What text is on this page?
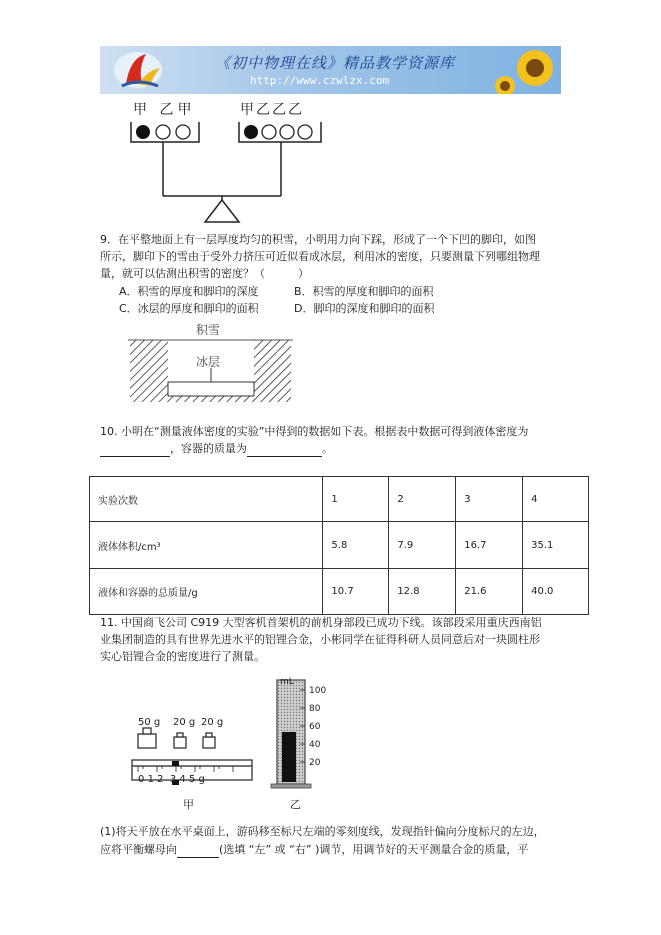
《初中物理在线》精品教学资源库
http://www.czwlzx.com
甲 乙甲	甲乙乙乙
9．在平整地面上有一层厚度均匀的积雪，小明用力向下踩，形成了一个下凹的脚印，如图
所示，脚印下的雪由于受外力挤压可近似看成冰层，利用冰的密度，只要测量下列哪组物理
量，就可以估测出积雪的密度？（　　　）
A．积雪的厚度和脚印的深度	B．积雪的厚度和脚印的面积
C．冰层的厚度和脚印的面积	D．脚印的深度和脚印的面积
积雪
冰层
10. 小明在“测量液体密度的实验”中得到的数据如下表。根据表中数据可得到液体密度为
，容器的质量为	。
实验次数	1	2	3	4
液体体积/cm³	5.8	7.9	16.7	35.1
液体和容器的总质量/g	10.7	12.8	21.6	40.0
11. 中国商飞公司 C919 大型客机首架机的前机身部段已成功下线。该部段采用重庆西南铝
业集团制造的具有世界先进水平的铝锂合金，小彬同学在征得科研人员同意后对一块圆柱形
实心铝锂合金的密度进行了测量。
50 g 20 g 20 g
0 1 2 3 4 5 g
甲
mL
100
80
60
40
20
乙
(1)将天平放在水平桌面上，游码移至标尺左端的零刻度线，发现指针偏向分度标尺的左边，
应将平衡螺母向	(选填 “左” 或 “右” )调节，用调节好的天平测量合金的质量，平
